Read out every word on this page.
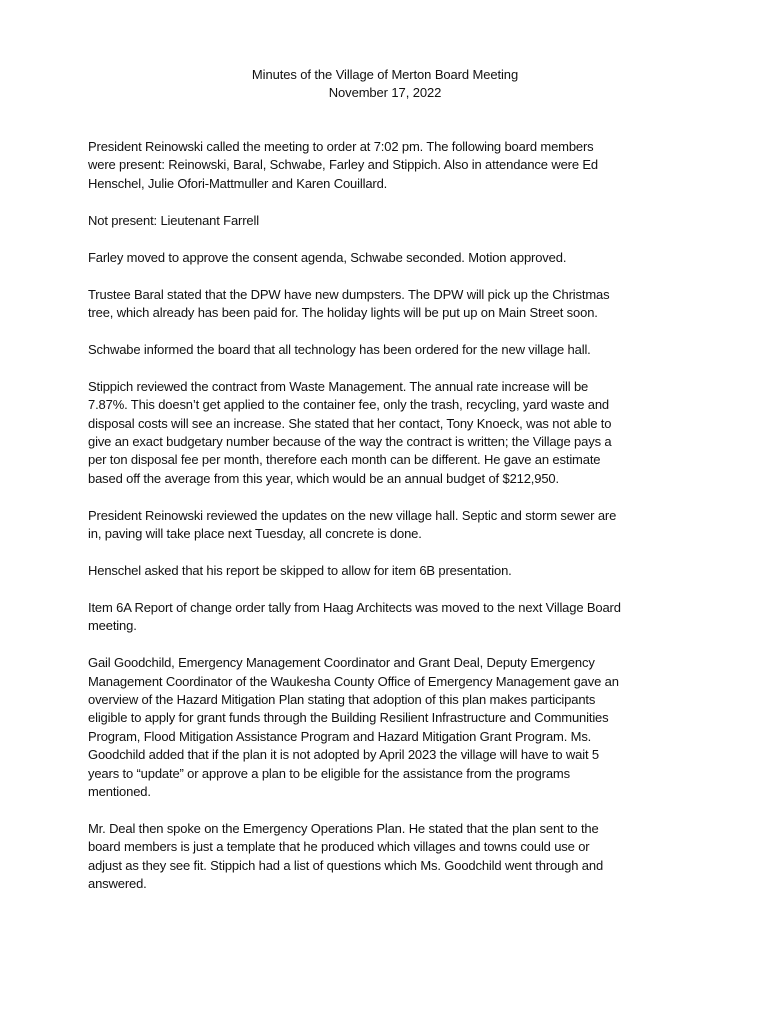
Minutes of the Village of Merton Board Meeting
November 17, 2022
President Reinowski called the meeting to order at 7:02 pm. The following board members
were present: Reinowski, Baral, Schwabe, Farley and Stippich. Also in attendance were Ed
Henschel, Julie Ofori-Mattmuller and Karen Couillard.
Not present: Lieutenant Farrell
Farley moved to approve the consent agenda, Schwabe seconded. Motion approved.
Trustee Baral stated that the DPW have new dumpsters. The DPW will pick up the Christmas
tree, which already has been paid for. The holiday lights will be put up on Main Street soon.
Schwabe informed the board that all technology has been ordered for the new village hall.
Stippich reviewed the contract from Waste Management. The annual rate increase will be
7.87%. This doesn’t get applied to the container fee, only the trash, recycling, yard waste and
disposal costs will see an increase. She stated that her contact, Tony Knoeck, was not able to
give an exact budgetary number because of the way the contract is written; the Village pays a
per ton disposal fee per month, therefore each month can be different. He gave an estimate
based off the average from this year, which would be an annual budget of $212,950.
President Reinowski reviewed the updates on the new village hall. Septic and storm sewer are
in, paving will take place next Tuesday, all concrete is done.
Henschel asked that his report be skipped to allow for item 6B presentation.
Item 6A Report of change order tally from Haag Architects was moved to the next Village Board
meeting.
Gail Goodchild, Emergency Management Coordinator and Grant Deal, Deputy Emergency
Management Coordinator of the Waukesha County Office of Emergency Management gave an
overview of the Hazard Mitigation Plan stating that adoption of this plan makes participants
eligible to apply for grant funds through the Building Resilient Infrastructure and Communities
Program, Flood Mitigation Assistance Program and Hazard Mitigation Grant Program. Ms.
Goodchild added that if the plan it is not adopted by April 2023 the village will have to wait 5
years to “update” or approve a plan to be eligible for the assistance from the programs
mentioned.
Mr. Deal then spoke on the Emergency Operations Plan. He stated that the plan sent to the
board members is just a template that he produced which villages and towns could use or
adjust as they see fit. Stippich had a list of questions which Ms. Goodchild went through and
answered.
